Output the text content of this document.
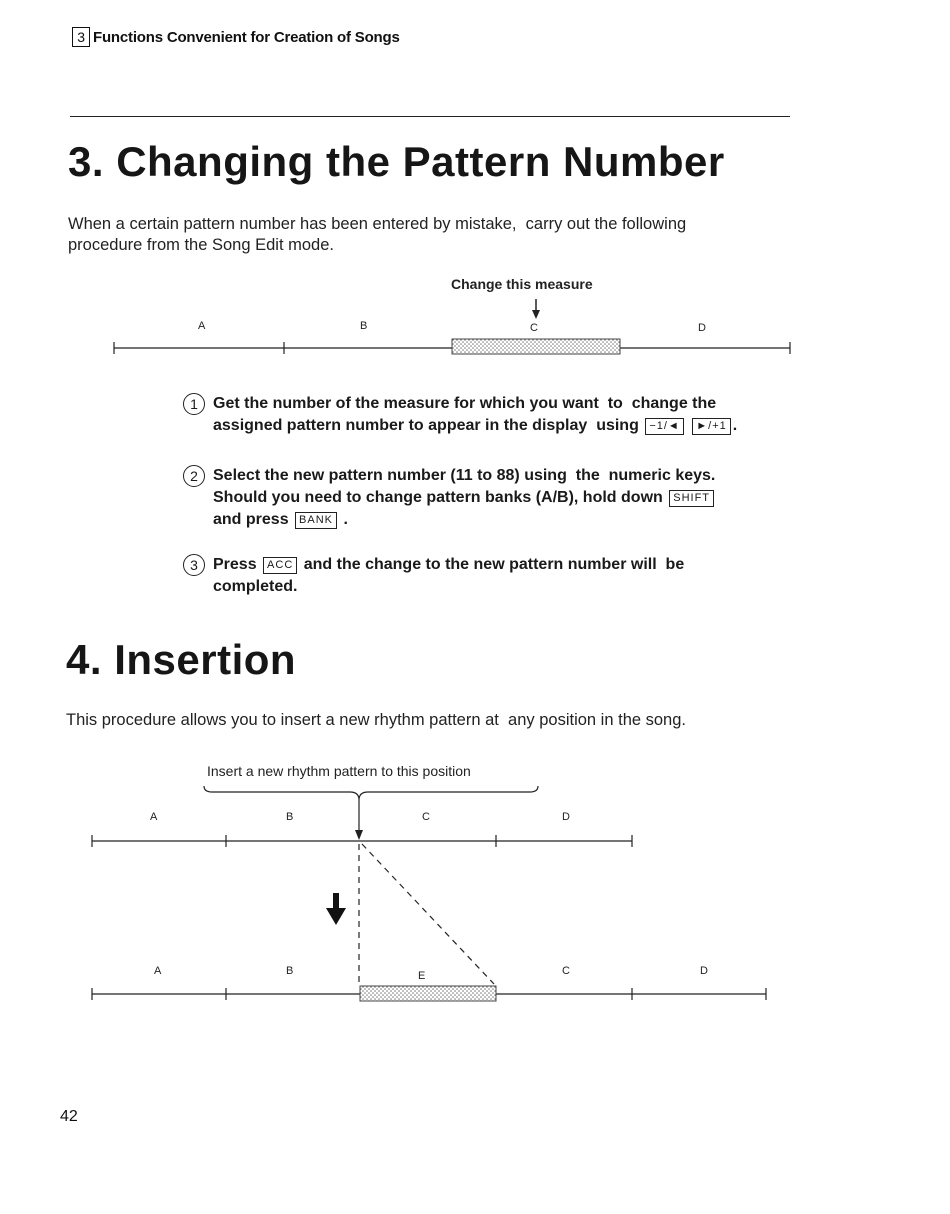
3 Functions Convenient for Creation of Songs
3. Changing the Pattern Number
When a certain pattern number has been entered by mistake,  carry out the following
procedure from the Song Edit mode.
Change this measure
A	B	C	D
1 Get the number of the measure for which you want  to  change the
assigned pattern number to appear in the display  using −1/◄ ►/+1 .
2 Select the new pattern number (11 to 88) using  the  numeric keys.
Should you need to change pattern banks (A/B), hold down SHIFT
and press BANK .
3 Press ACC and the change to the new pattern number will  be
completed.
4. Insertion
This procedure allows you to insert a new rhythm pattern at  any position in the song.
Insert a new rhythm pattern to this position
A	B	C	D
A	B	E	C	D
42
